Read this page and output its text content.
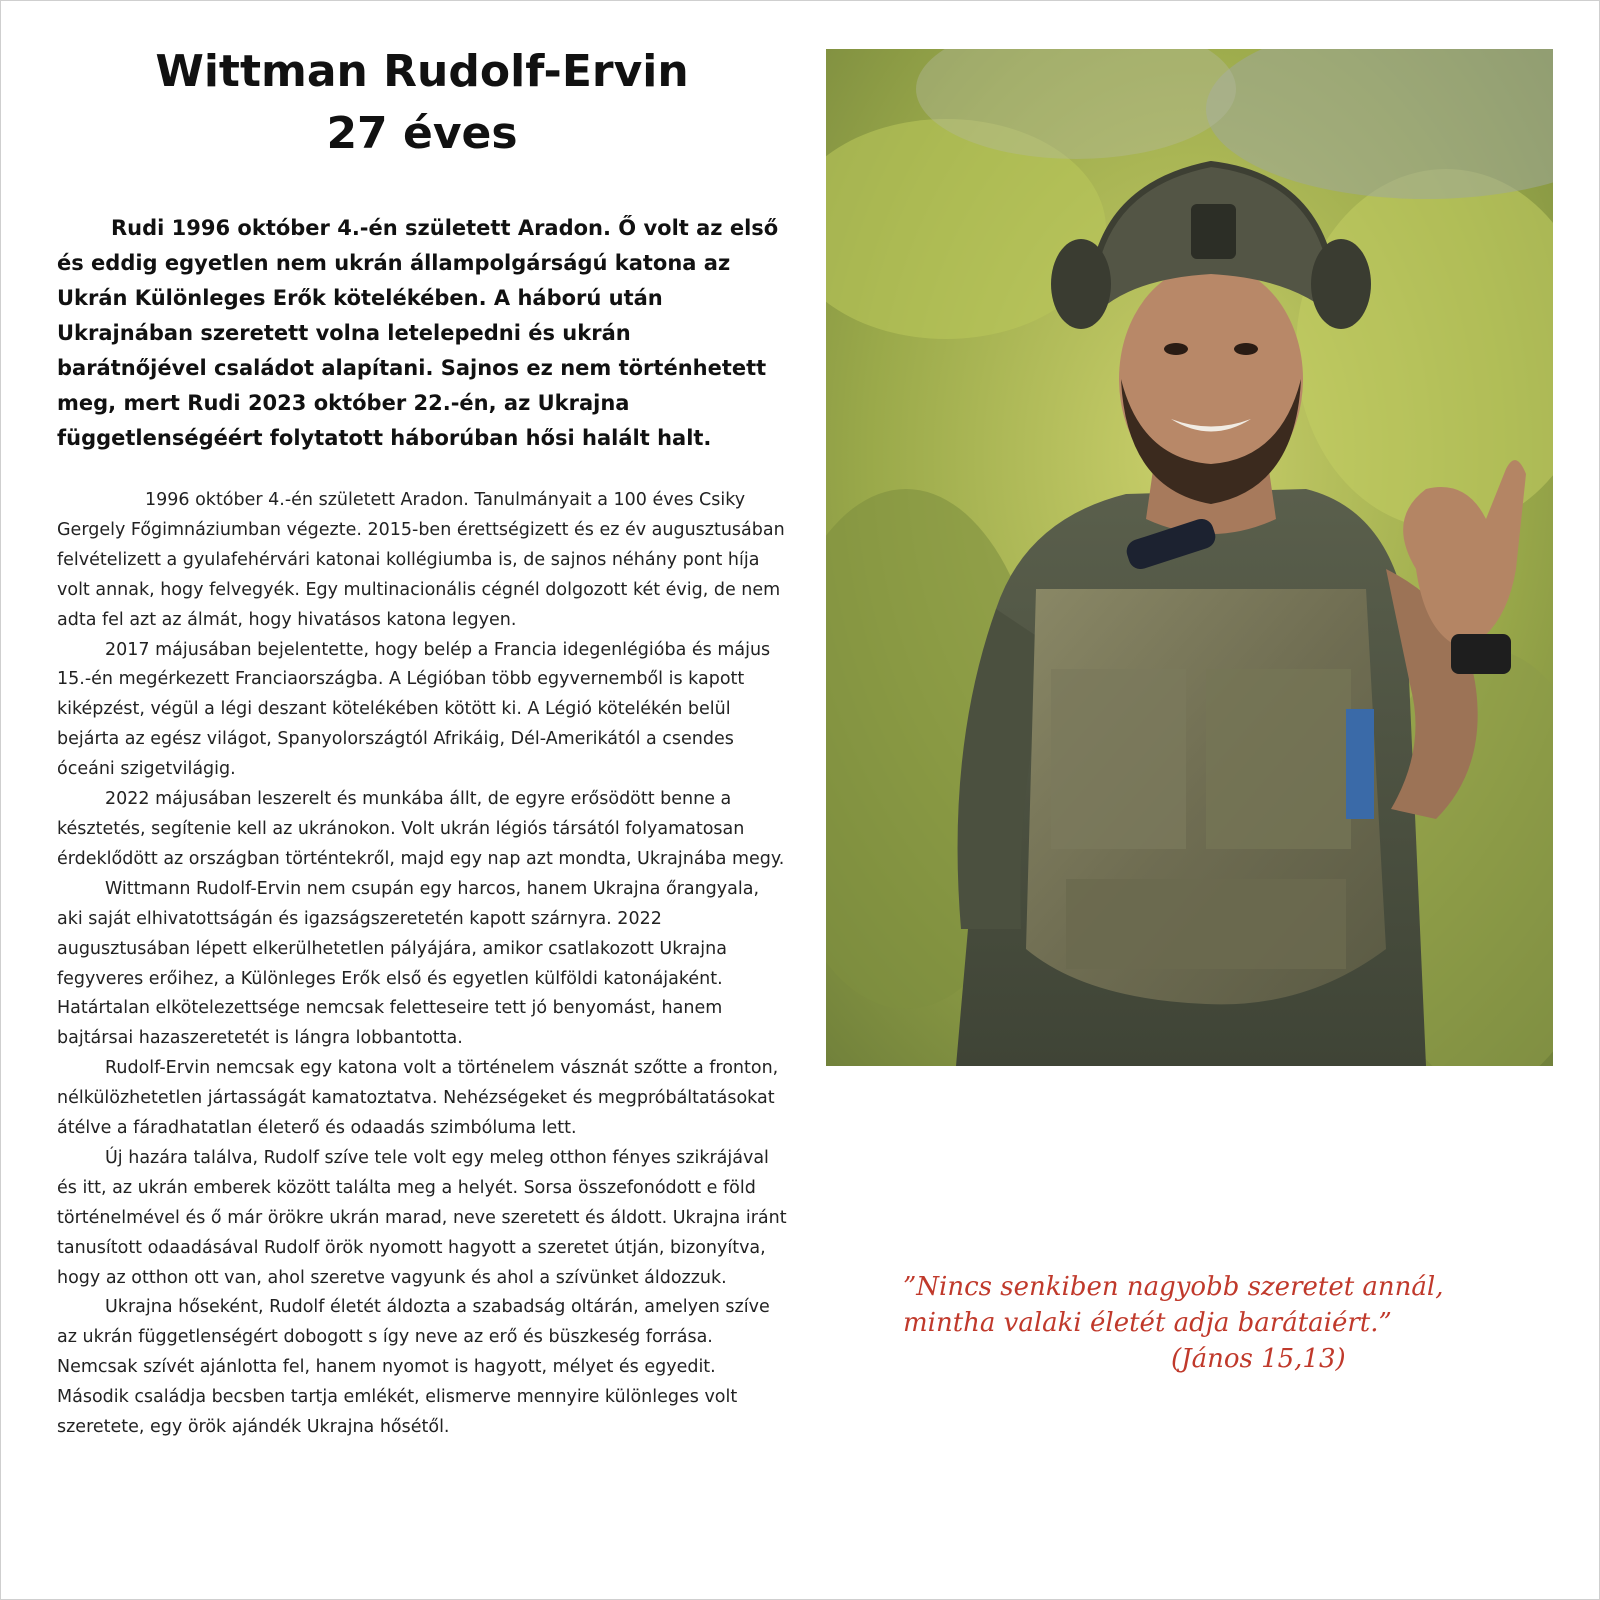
Wittman Rudolf-Ervin
27 éves

Rudi 1996 október 4.-én született Aradon. Ő volt az első és eddig egyetlen nem ukrán állampolgárságú katona az Ukrán Különleges Erők kötelékében. A háború után Ukrajnában szeretett volna letelepedni és ukrán barátnőjével családot alapítani. Sajnos ez nem történhetett meg, mert Rudi 2023 október 22.-én, az Ukrajna függetlenségéért folytatott háborúban hősi halált halt.

1996 október 4.-én született Aradon. Tanulmányait a 100 éves Csiky Gergely Főgimnáziumban végezte. 2015-ben érettségizett és ez év augusztusában felvételizett a gyulafehérvári katonai kollégiumba is, de sajnos néhány pont híja volt annak, hogy felvegyék. Egy multinacionális cégnél dolgozott két évig, de nem adta fel azt az álmát, hogy hivatásos katona legyen.

2017 májusában bejelentette, hogy belép a Francia idegenlégióba és május 15.-én megérkezett Franciaországba. A Légióban több egyvernemből is kapott kiképzést, végül a légi deszant kötelékében kötött ki. A Légió kötelékén belül bejárta az egész világot, Spanyolországtól Afrikáig, Dél-Amerikától a csendes óceáni szigetvilágig.

2022 májusában leszerelt és munkába állt, de egyre erősödött benne a késztetés, segítenie kell az ukránokon. Volt ukrán légiós társától folyamatosan érdeklődött az országban történtekről, majd egy nap azt mondta, Ukrajnába megy.

Wittmann Rudolf-Ervin nem csupán egy harcos, hanem Ukrajna őrangyala, aki saját elhivatottságán és igazságszeretetén kapott szárnyra. 2022 augusztusában lépett elkerülhetetlen pályájára, amikor csatlakozott Ukrajna fegyveres erőihez, a Különleges Erők első és egyetlen külföldi katonájaként. Határtalan elkötelezettsége nemcsak feletteseire tett jó benyomást, hanem bajtársai hazaszeretetét is lángra lobbantotta.

Rudolf-Ervin nemcsak egy katona volt a történelem vásznát szőtte a fronton, nélkülözhetetlen jártasságát kamatoztatva. Nehézségeket és megpróbáltatásokat átélve a fáradhatatlan életerő és odaadás szimbóluma lett.

Új hazára találva, Rudolf szíve tele volt egy meleg otthon fényes szikrájával és itt, az ukrán emberek között találta meg a helyét. Sorsa összefonódott e föld történelmével és ő már örökre ukrán marad, neve szeretett és áldott. Ukrajna iránt tanusított odaadásával Rudolf örök nyomott hagyott a szeretet útján, bizonyítva, hogy az otthon ott van, ahol szeretve vagyunk és ahol a szívünket áldozzuk.

Ukrajna hőseként, Rudolf életét áldozta a szabadság oltárán, amelyen szíve az ukrán függetlenségért dobogott s így neve az erő és büszkeség forrása. Nemcsak szívét ajánlotta fel, hanem nyomot is hagyott, mélyet és egyedit. Második családja becsben tartja emlékét, elismerve mennyire különleges volt szeretete, egy örök ajándék Ukrajna hősétől.

”Nincs senkiben nagyobb szeretet annál,
mintha valaki életét adja barátaiért.”
(János 15,13)
